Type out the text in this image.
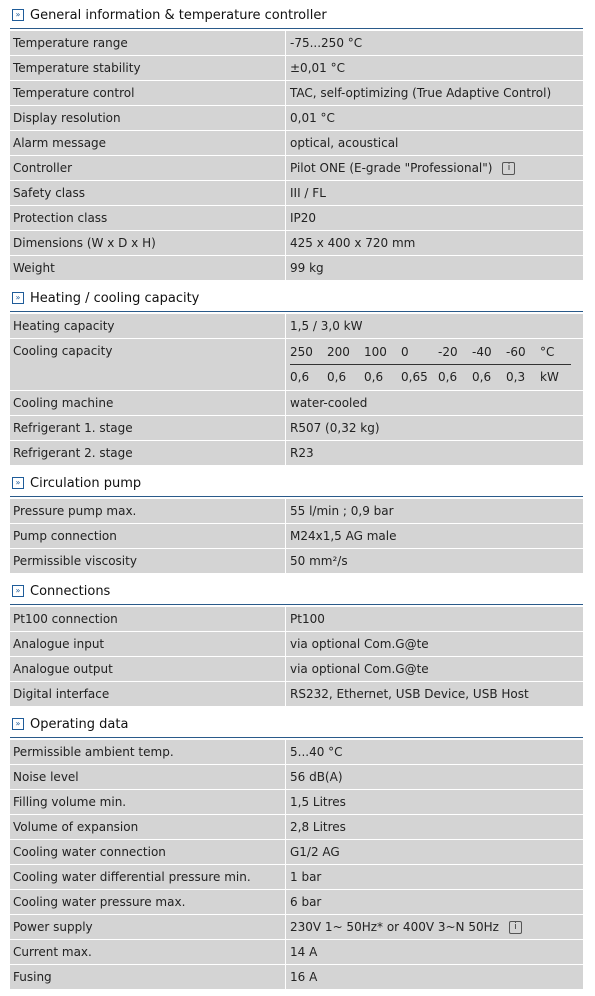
» General information & temperature controller
Temperature range	-75...250 °C
Temperature stability	±0,01 °C
Temperature control	TAC, self-optimizing (True Adaptive Control)
Display resolution	0,01 °C
Alarm message	optical, acoustical
Controller	Pilot ONE (E-grade "Professional")	i
Safety class	III / FL
Protection class	IP20
Dimensions (W x D x H)	425 x 400 x 720 mm
Weight	99 kg
» Heating / cooling capacity
Heating capacity	1,5 / 3,0 kW
Cooling capacity	250	200	100	0	-20	-40	-60	°C
0,6	0,6	0,6	0,65 0,6	0,6	0,3	kW
Cooling machine	water-cooled
Refrigerant 1. stage	R507 (0,32 kg)
Refrigerant 2. stage	R23
» Circulation pump
Pressure pump max.	55 l/min ; 0,9 bar
Pump connection	M24x1,5 AG male
Permissible viscosity	50 mm²/s
» Connections
Pt100 connection	Pt100
Analogue input	via optional Com.G@te
Analogue output	via optional Com.G@te
Digital interface	RS232, Ethernet, USB Device, USB Host
» Operating data
Permissible ambient temp.	5...40 °C
Noise level	56 dB(A)
Filling volume min.	1,5 Litres
Volume of expansion	2,8 Litres
Cooling water connection	G1/2 AG
Cooling water differential pressure min.	1 bar
Cooling water pressure max.	6 bar
Power supply	230V 1~ 50Hz* or 400V 3~N 50Hz	i
Current max.	14 A
Fusing	16 A
